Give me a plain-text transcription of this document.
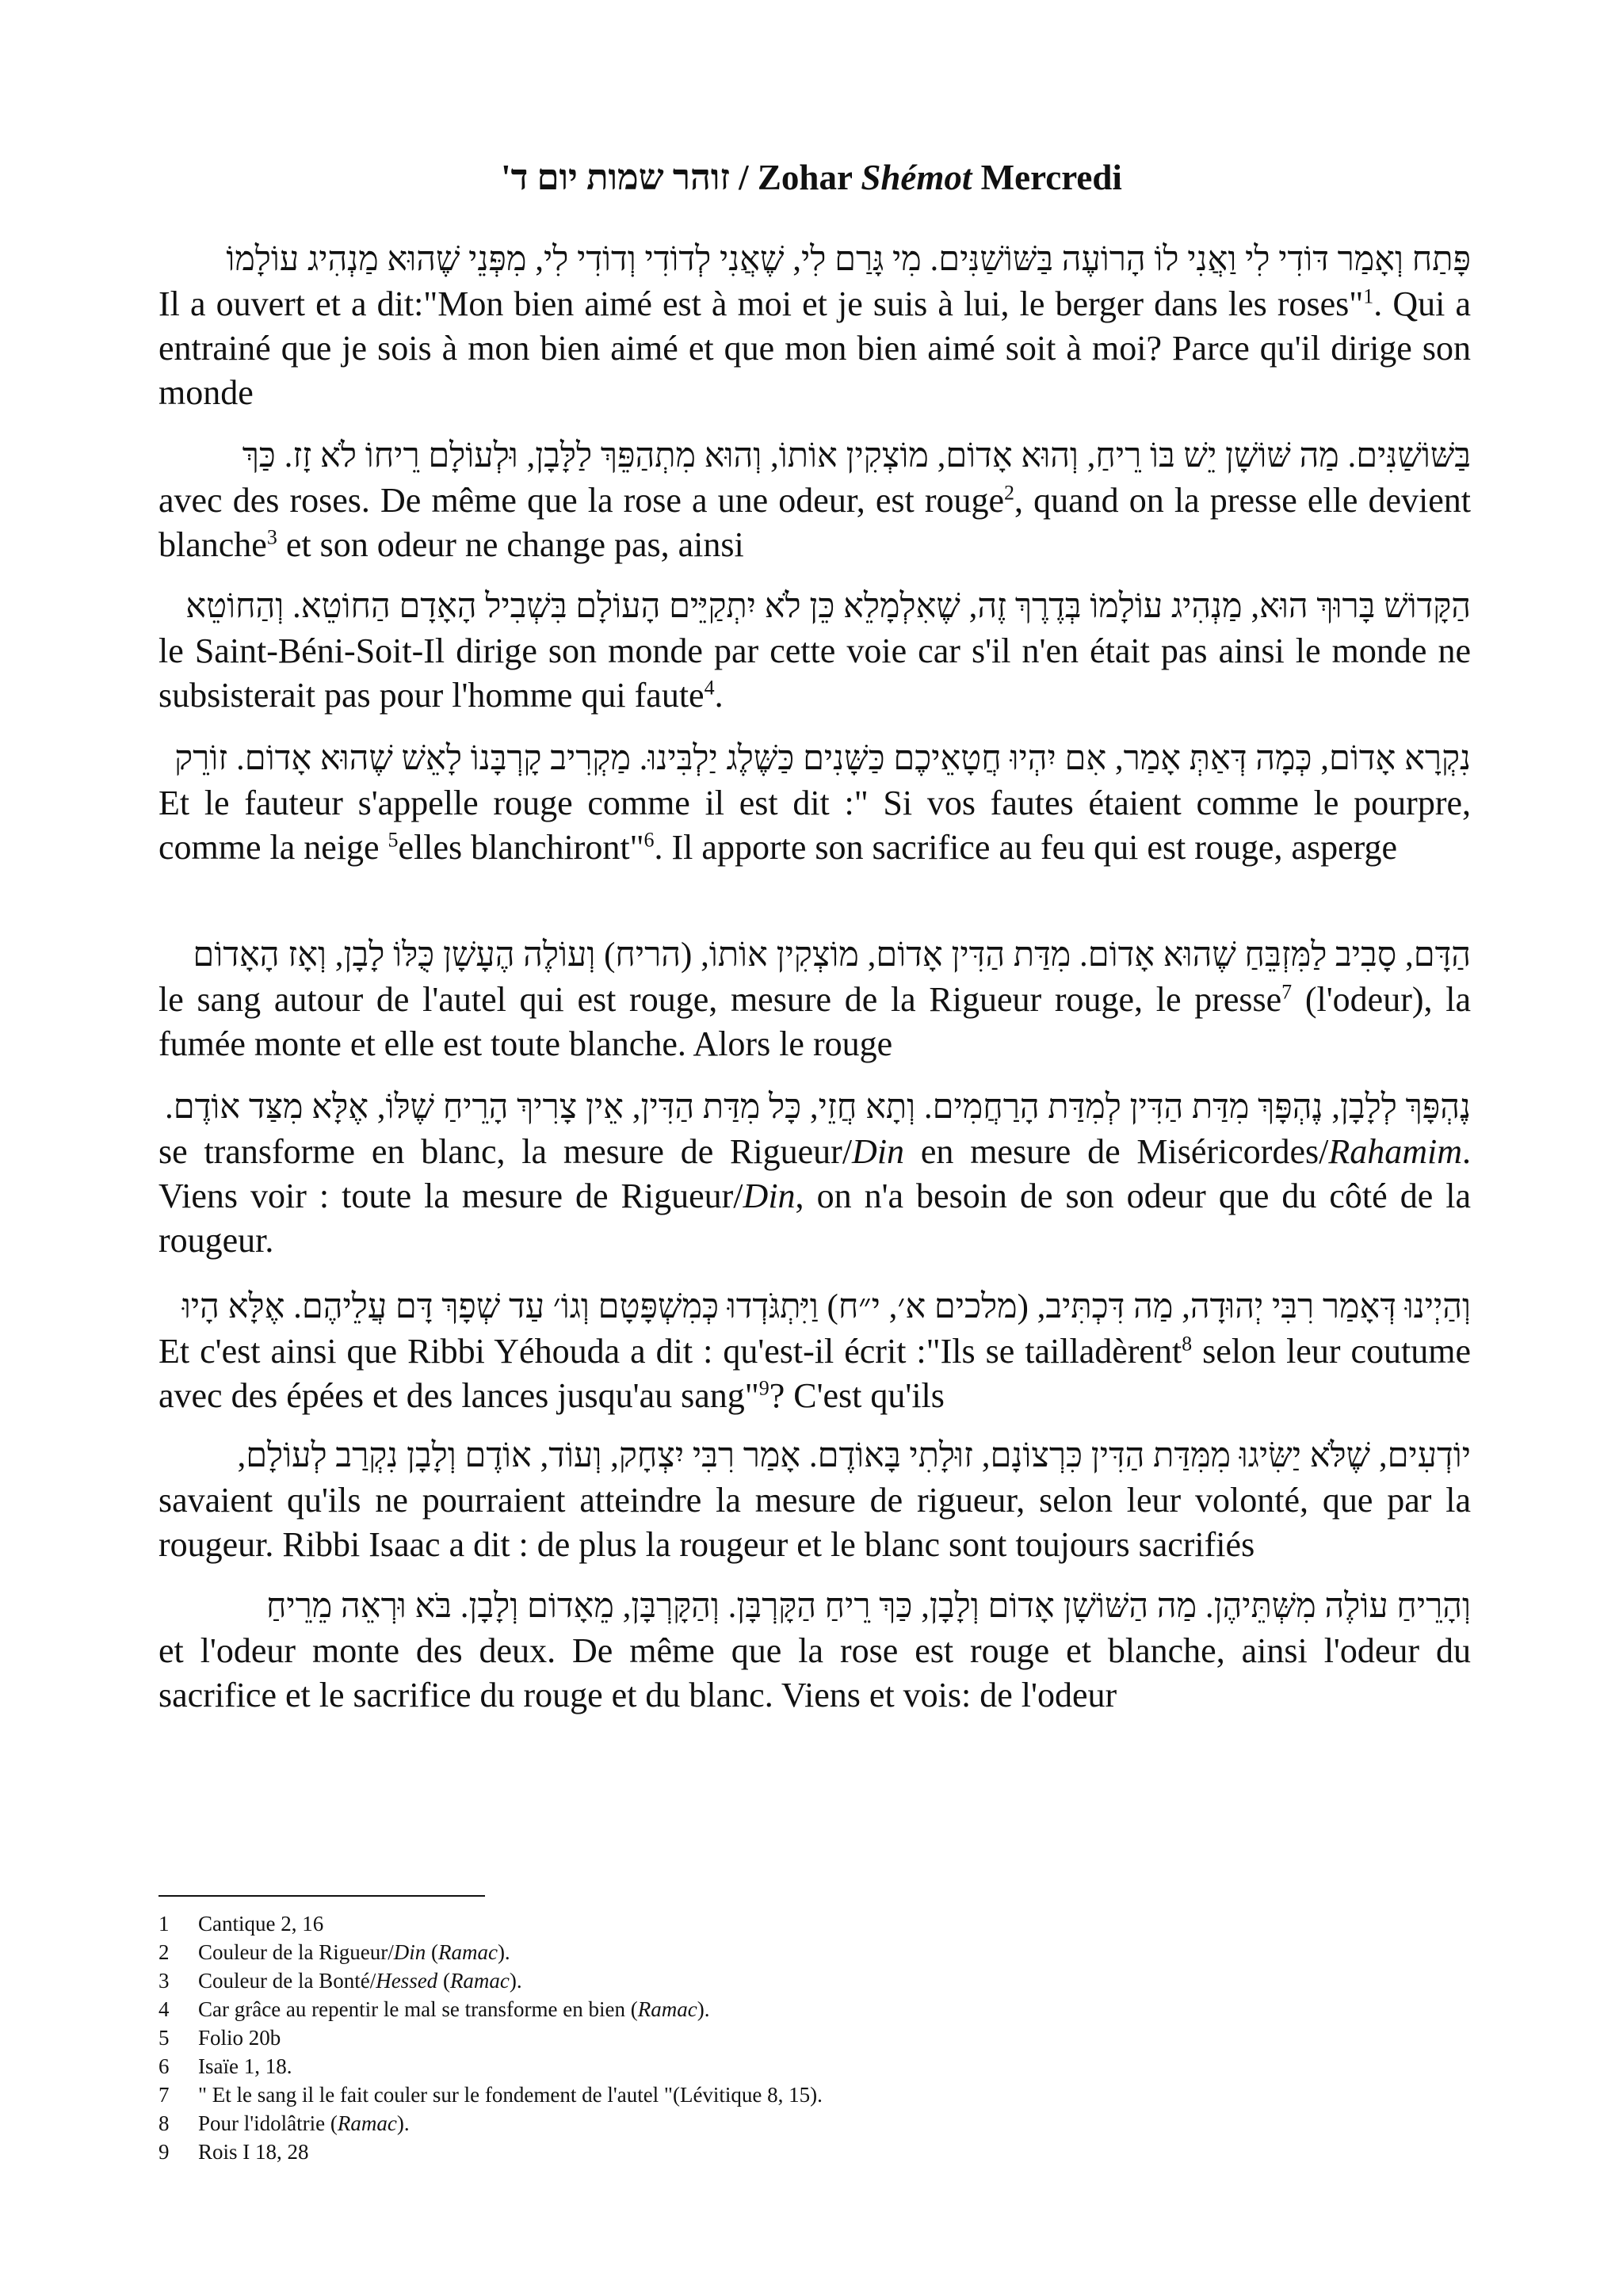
זוהר שמות יום ד' / Zohar Shémot Mercredi
פָּתַח וְאָמַר דּוֹדִי לִי וַאֲנִי לוֹ הָרוֹעֶה בַּשּׁוֹשַׁנִּים. מִי גָּרַם לִי, שֶׁאֲנִי לְדוֹדִי וְדוֹדִי לִי, מִפְּנֵי שֶׁהוּא מַנְהִיג עוֹלָמוֹ
Il a ouvert et a dit:"Mon bien aimé est à moi et je suis à lui, le berger dans les roses"$^1$. Qui a entrainé que je sois à mon bien aimé et que mon bien aimé soit à moi? Parce qu'il dirige son monde
בַּשּׁוֹשַׁנִּים. מַה שּׁוֹשָׁן יֵשׁ בּוֹ רֵיחַ, וְהוּא אָדוֹם, מוֹצְקִין אוֹתוֹ, וְהוּא מִתְהַפֵּךְ לַלָּבָן, וּלְעוֹלָם רֵיחוֹ לֹא זָז. כַּךְ
avec des roses. De même que la rose a une odeur, est rouge$^2$, quand on la presse elle devient blanche$^3$ et son odeur ne change pas, ainsi
הַקָּדוֹשׁ בָּרוּךְ הוּא, מַנְהִיג עוֹלָמוֹ בְּדֶרֶךְ זֶה, שֶׁאִלְמָלֵא כֵּן לֹא יִתְקַיֵּים הָעוֹלָם בִּשְׁבִיל הָאָדָם הַחוֹטֵא. וְהַחוֹטֵא
le Saint-Béni-Soit-Il dirige son monde par cette voie car s'il n'en était pas ainsi le monde ne subsisterait pas pour l'homme qui faute$^4$.
נִקְרָא אָדוֹם, כְּמָה דְּאַתְּ אָמַר, אִם יִהְיוּ חֲטָאֵיכֶם כַּשָּׁנִים כַּשֶּׁלֶג יַלְבִּינוּ. מַקְרִיב קָרְבָּנוֹ לָאֵשׁ שֶׁהוּא אָדוֹם. זוֹרֵק
Et le fauteur s'appelle rouge comme il est dit :" Si vos fautes étaient comme le pourpre, comme la neige $^5$elles blanchiront"$^6$. Il apporte son sacrifice au feu qui est rouge, asperge
הַדָּם, סָבִיב לַמִּזְבֵּחַ שֶׁהוּא אָדוֹם. מִדַּת הַדִּין אָדוֹם, מוֹצְקִין אוֹתוֹ, (הריח) וְעוֹלֶה הֶעָשָׁן כֻּלּוֹ לָבָן, וְאָז הָאָדוֹם
le sang autour de l'autel qui est rouge, mesure de la Rigueur rouge, le presse$^7$ (l'odeur), la fumée monte et elle est toute blanche. Alors le rouge
נֶהְפָּךְ לְלָבָן, נֶהְפָּךְ מִדַּת הַדִּין לְמִדַּת הָרַחֲמִים. וְתָא חֲזֵי, כָּל מִדַּת הַדִּין, אֵין צָרִיךְ הָרֵיחַ שֶׁלּוֹ, אֶלָּא מִצַּד אוֹדֶם.
se transforme en blanc, la mesure de Rigueur/Din en mesure de Miséricordes/Rahamim. Viens voir : toute la mesure de Rigueur/Din, on n'a besoin de son odeur que du côté de la rougeur.
וְהַיְינוּ דְּאָמַר רִבִּי יְהוּדָה, מַה דִּכְתִּיב, (מלכים א׳, י״ח) וַיִּתְגֹּדְדוּ כְּמִשְׁפָּטָם וְגוֹ׳ עַד שְׁפָךְ דָּם עֲלֵיהֶם. אֶלָּא הָיוּ
Et c'est ainsi que Ribbi Yéhouda a dit : qu'est-il écrit :"Ils se tailladèrent$^8$ selon leur coutume avec des épées et des lances jusqu'au sang"$^9$? C'est qu'ils
יוֹדְעִים, שֶׁלֹּא יַשִּׂיגוּ מִמִּדַּת הַדִּין כִּרְצוֹנָם, זוּלָתִי בָּאוֹדֶם. אָמַר רִבִּי יִצְחָק, וְעוֹד, אוֹדֶם וְלָבָן נִקְרַב לְעוֹלָם,
savaient qu'ils ne pourraient atteindre la mesure de rigueur, selon leur volonté, que par la rougeur. Ribbi Isaac a dit : de plus la rougeur et le blanc sont toujours sacrifiés
וְהָרֵיחַ עוֹלֶה מִשְּׁתֵּיהֶן. מַה הַשּׁוֹשָׁן אָדוֹם וְלָבָן, כַּךְ רֵיחַ הַקָּרְבָּן. וְהַקָּרְבָּן, מֵאָדוֹם וְלָבָן. בֹּא וּרְאֵה מֵרֵיחַ
et l'odeur monte des deux. De même que la rose est rouge et blanche, ainsi l'odeur du sacrifice et le sacrifice du rouge et du blanc. Viens et vois: de l'odeur
1	Cantique 2, 16
2	Couleur de la Rigueur/Din (Ramac).
3	Couleur de la Bonté/Hessed (Ramac).
4	Car grâce au repentir le mal se transforme en bien (Ramac).
5	Folio 20b
6	Isaïe 1, 18.
7	" Et le sang il le fait couler sur le fondement de l'autel "(Lévitique 8, 15).
8	Pour l'idolâtrie (Ramac).
9	Rois I 18, 28
